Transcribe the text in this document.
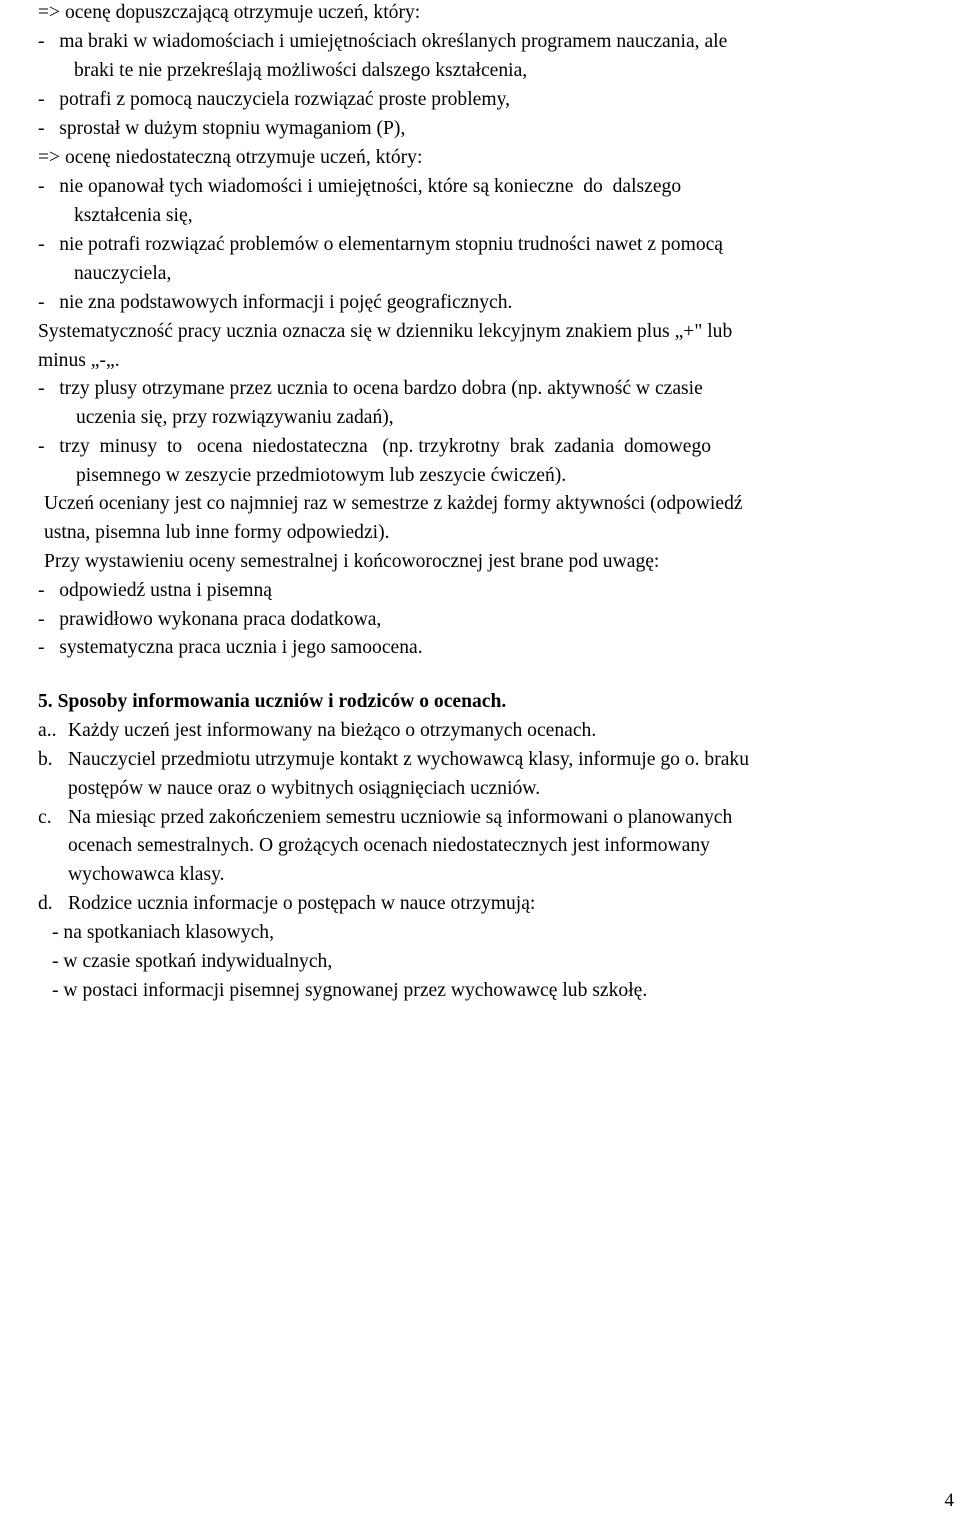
=> ocenę dopuszczającą otrzymuje uczeń, który:
-   ma braki w wiadomościach i umiejętnościach określanych programem nauczania, ale
braki te nie przekreślają możliwości dalszego kształcenia,
-   potrafi z pomocą nauczyciela rozwiązać proste problemy,
-   sprostał w dużym stopniu wymaganiom (P),
=> ocenę niedostateczną otrzymuje uczeń, który:
-   nie opanował tych wiadomości i umiejętności, które są konieczne  do  dalszego
kształcenia się,
-   nie potrafi rozwiązać problemów o elementarnym stopniu trudności nawet z pomocą
nauczyciela,
-   nie zna podstawowych informacji i pojęć geograficznych.
Systematyczność pracy ucznia oznacza się w dzienniku lekcyjnym znakiem plus „+" lub
minus „-„.
-   trzy plusy otrzymane przez ucznia to ocena bardzo dobra (np. aktywność w czasie
uczenia się, przy rozwiązywaniu zadań),
-   trzy  minusy  to   ocena  niedostateczna   (np. trzykrotny  brak  zadania  domowego
pisemnego w zeszycie przedmiotowym lub zeszycie ćwiczeń).
Uczeń oceniany jest co najmniej raz w semestrze z każdej formy aktywności (odpowiedź
ustna, pisemna lub inne formy odpowiedzi).
Przy wystawieniu oceny semestralnej i końcoworocznej jest brane pod uwagę:
-   odpowiedź ustna i pisemną
-   prawidłowo wykonana praca dodatkowa,
-   systematyczna praca ucznia i jego samoocena.
5. Sposoby informowania uczniów i rodziców o ocenach.
a.. Każdy uczeń jest informowany na bieżąco o otrzymanych ocenach.
b. Nauczyciel przedmiotu utrzymuje kontakt z wychowawcą klasy, informuje go o. braku
postępów w nauce oraz o wybitnych osiągnięciach uczniów.
c. Na miesiąc przed zakończeniem semestru uczniowie są informowani o planowanych
ocenach semestralnych. O grożących ocenach niedostatecznych jest informowany
wychowawca klasy.
d. Rodzice ucznia informacje o postępach w nauce otrzymują:
- na spotkaniach klasowych,
- w czasie spotkań indywidualnych,
- w postaci informacji pisemnej sygnowanej przez wychowawcę lub szkołę.
4
